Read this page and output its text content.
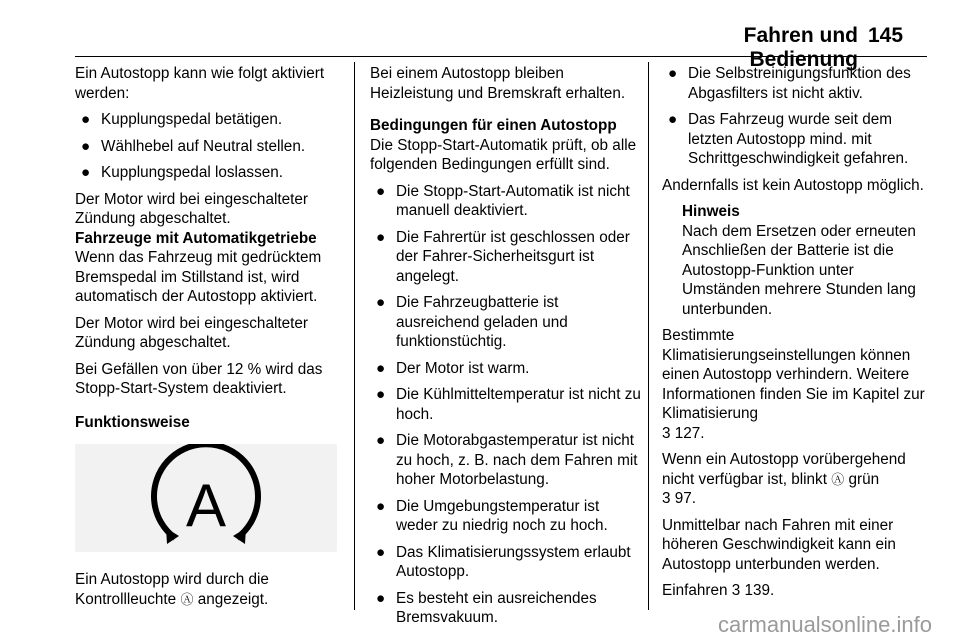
Fahren und Bedienung
145

Ein Autostopp kann wie folgt aktiviert werden:

● Kupplungspedal betätigen.
● Wählhebel auf Neutral stellen.
● Kupplungspedal loslassen.

Der Motor wird bei eingeschalteter Zündung abgeschaltet.

Fahrzeuge mit Automatikgetriebe

Wenn das Fahrzeug mit gedrücktem Bremspedal im Stillstand ist, wird automatisch der Autostopp aktiviert.

Der Motor wird bei eingeschalteter Zündung abgeschaltet.

Bei Gefällen von über 12 % wird das Stopp-Start-System deaktiviert.

Funktionsweise

A

Ein Autostopp wird durch die Kontrollleuchte Ⓐ angezeigt.

Bei einem Autostopp bleiben Heizleistung und Bremskraft erhalten.

Bedingungen für einen Autostopp

Die Stopp-Start-Automatik prüft, ob alle folgenden Bedingungen erfüllt sind.

● Die Stopp-Start-Automatik ist nicht manuell deaktiviert.
● Die Fahrertür ist geschlossen oder der Fahrer-Sicherheitsgurt ist angelegt.
● Die Fahrzeugbatterie ist ausreichend geladen und funktionstüchtig.
● Der Motor ist warm.
● Die Kühlmitteltemperatur ist nicht zu hoch.
● Die Motorabgastemperatur ist nicht zu hoch, z. B. nach dem Fahren mit hoher Motorbelastung.
● Die Umgebungstemperatur ist weder zu niedrig noch zu hoch.
● Das Klimatisierungssystem erlaubt Autostopp.
● Es besteht ein ausreichendes Bremsvakuum.
● Die Selbstreinigungsfunktion des Abgasfilters ist nicht aktiv.
● Das Fahrzeug wurde seit dem letzten Autostopp mind. mit Schrittgeschwindigkeit gefahren.

Andernfalls ist kein Autostopp möglich.

Hinweis
Nach dem Ersetzen oder erneuten Anschließen der Batterie ist die Autostopp-Funktion unter Umständen mehrere Stunden lang unterbunden.

Bestimmte Klimatisierungseinstellungen können einen Autostopp verhindern. Weitere Informationen finden Sie im Kapitel zur Klimatisierung
3 127.

Wenn ein Autostopp vorübergehend nicht verfügbar ist, blinkt Ⓐ grün
3 97.

Unmittelbar nach Fahren mit einer höheren Geschwindigkeit kann ein Autostopp unterbunden werden.

Einfahren 3 139.

carmanualsonline.info
